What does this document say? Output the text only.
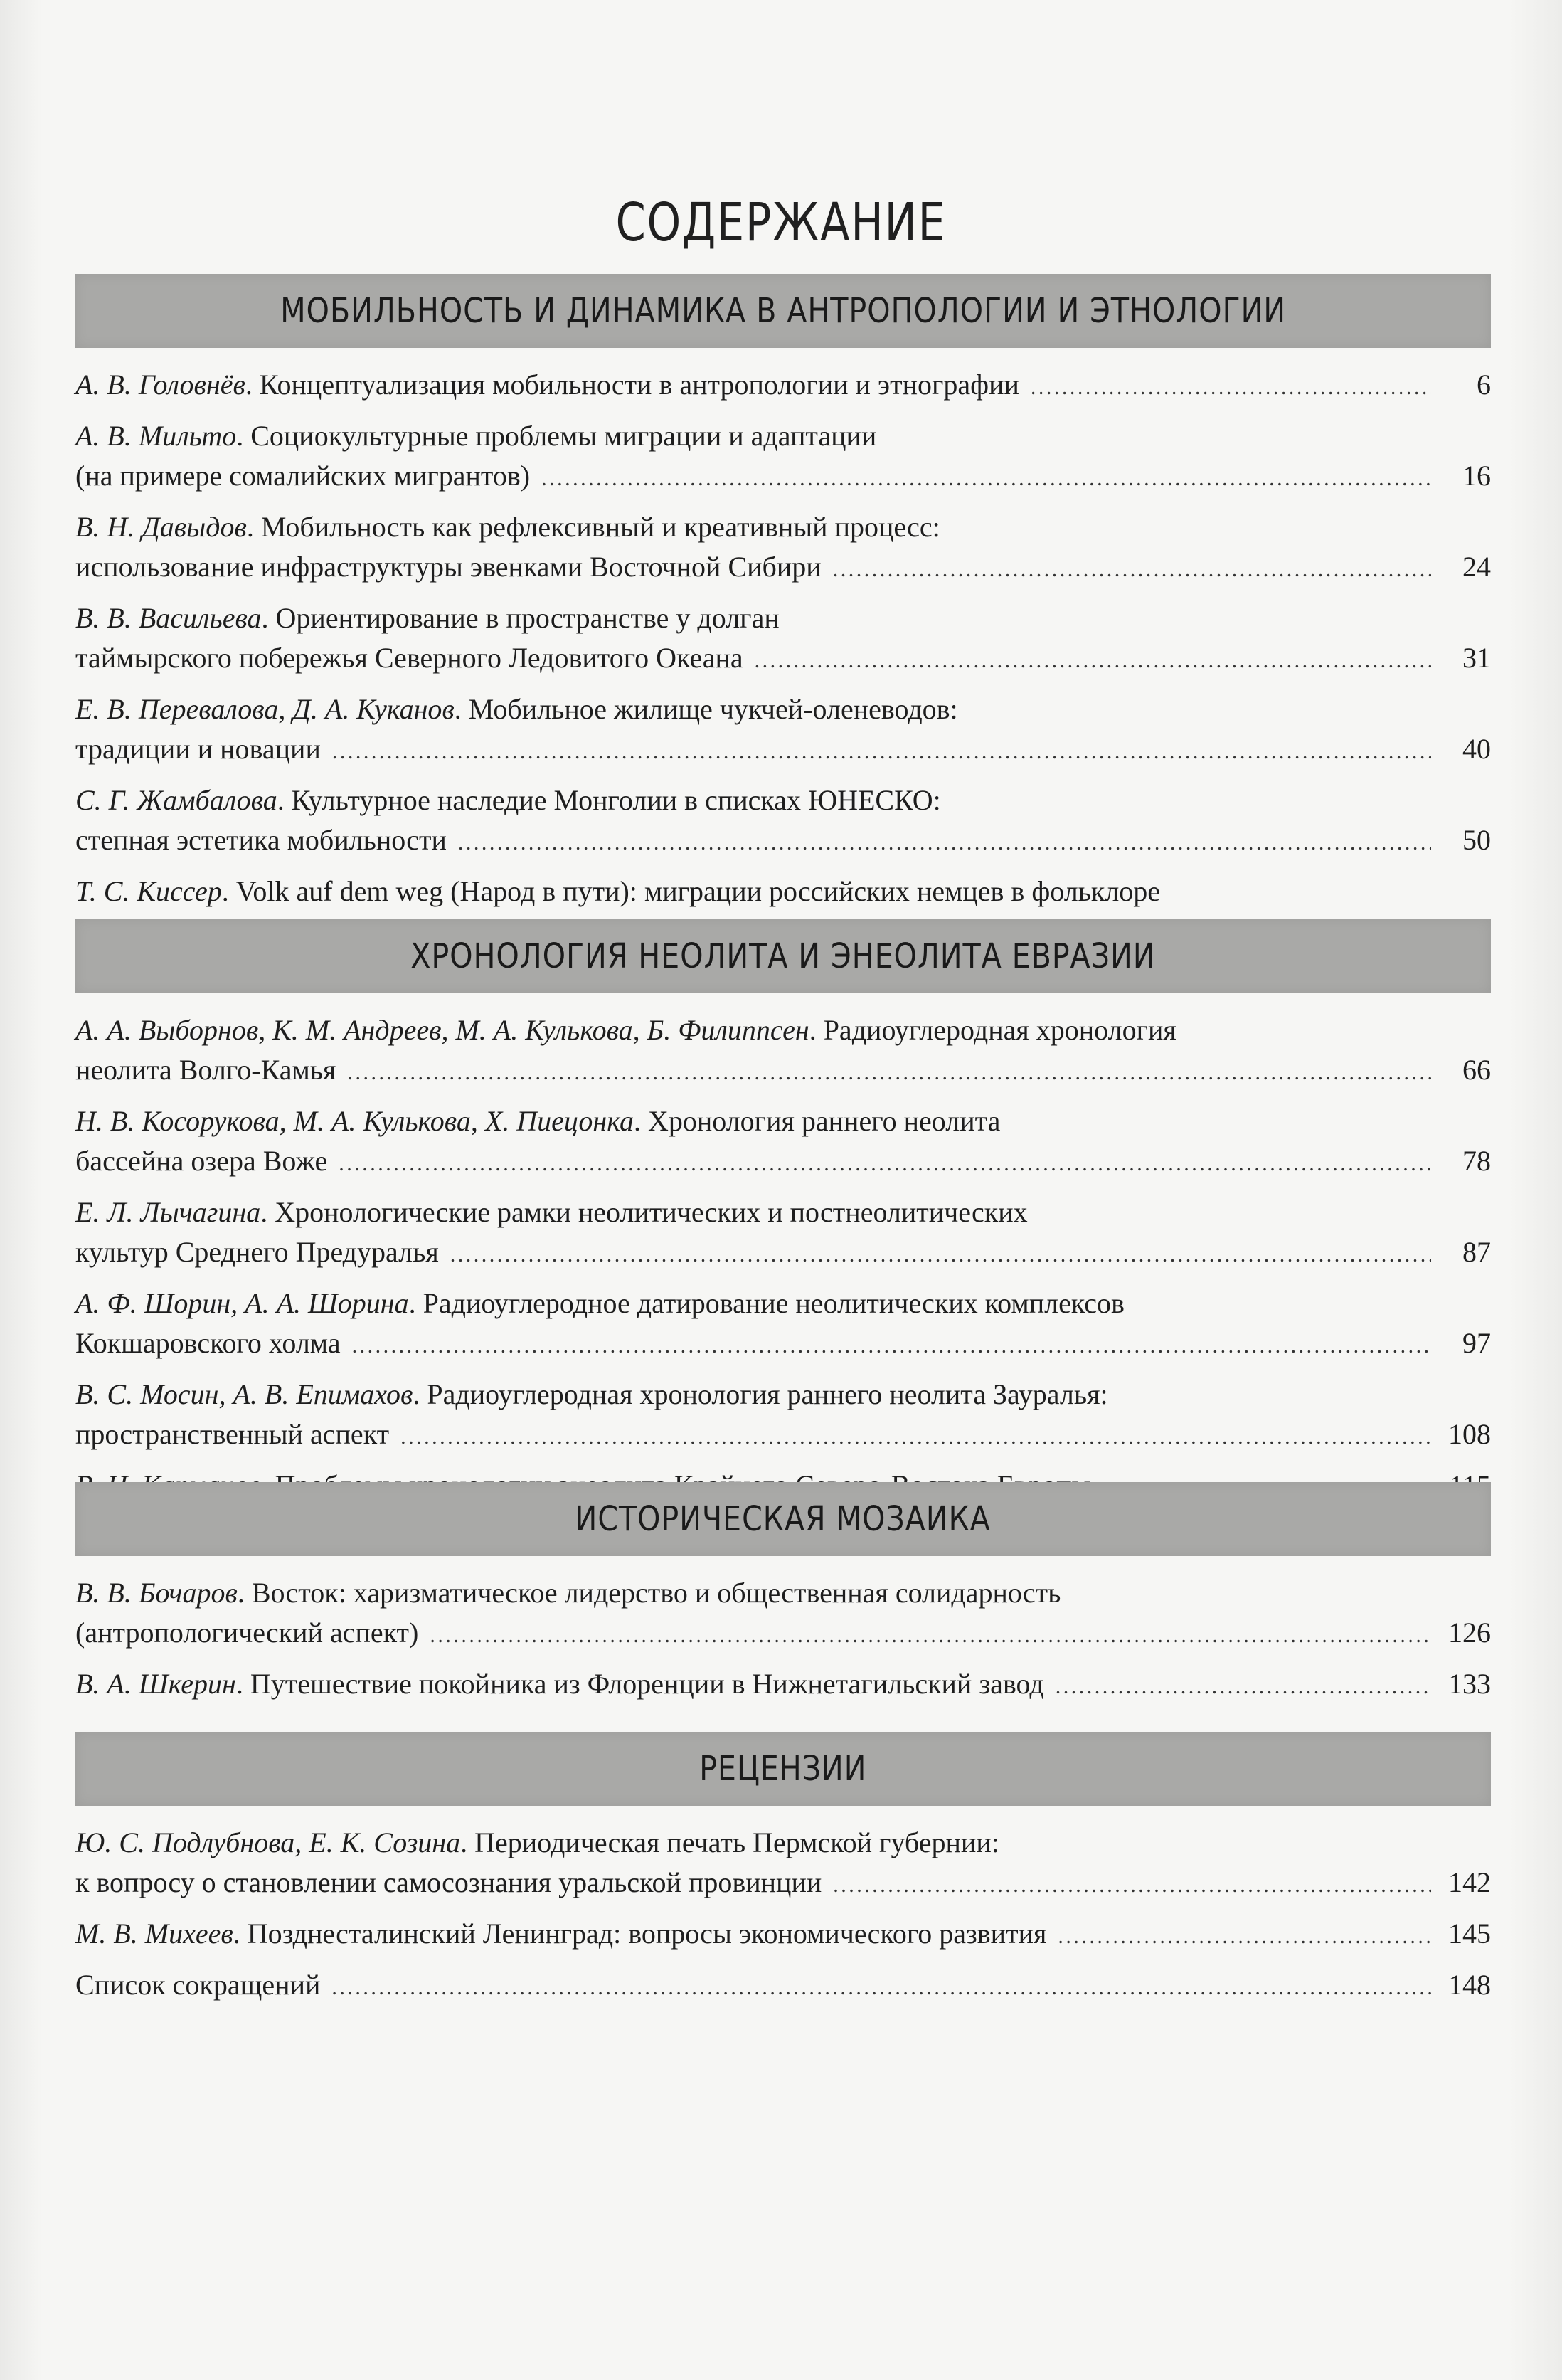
СОДЕРЖАНИЕ
МОБИЛЬНОСТЬ И ДИНАМИКА В АНТРОПОЛОГИИ И ЭТНОЛОГИИ
А. В. Головнёв. Концептуализация мобильности в антропологии и этнографии . . .	6
А. В. Мильто. Социокультурные проблемы миграции и адаптации
(на примере сомалийских мигрантов) . . .	16
В. Н. Давыдов. Мобильность как рефлексивный и креативный процесс:
использование инфраструктуры эвенками Восточной Сибири . . .	24
В. В. Васильева. Ориентирование в пространстве у долган
таймырского побережья Северного Ледовитого Океана . . .	31
Е. В. Перевалова, Д. А. Куканов. Мобильное жилище чукчей-оленеводов:
традиции и новации . . .	40
С. Г. Жамбалова. Культурное наследие Монголии в списках ЮНЕСКО:
степная эстетика мобильности . . .	50
Т. С. Киссер. Volk auf dem weg (Народ в пути): миграции российских немцев в фольклоре
. . .
ХРОНОЛОГИЯ НЕОЛИТА И ЭНЕОЛИТА ЕВРАЗИИ
А. А. Выборнов, К. М. Андреев, М. А. Кулькова, Б. Филиппсен. Радиоуглеродная хронология
неолита Волго-Камья . . .	66
Н. В. Косорукова, М. А. Кулькова, Х. Пиецонка. Хронология раннего неолита
бассейна озера Воже . . .	78
Е. Л. Лычагина. Хронологические рамки неолитических и постнеолитических
культур Среднего Предуралья . . .	87
А. Ф. Шорин, А. А. Шорина. Радиоуглеродное датирование неолитических комплексов
Кокшаровского холма . . .	97
В. С. Мосин, А. В. Епимахов. Радиоуглеродная хронология раннего неолита Зауралья:
пространственный аспект . . .	108
. . .
ИСТОРИЧЕСКАЯ МОЗАИКА
В. В. Бочаров. Восток: харизматическое лидерство и общественная солидарность
(антропологический аспект) . . .	126
В. А. Шкерин. Путешествие покойника из Флоренции в Нижнетагильский завод . . .	133
РЕЦЕНЗИИ
Ю. С. Подлубнова, Е. К. Созина. Периодическая печать Пермской губернии:
к вопросу о становлении самосознания уральской провинции . . .	142
М. В. Михеев. Позднесталинский Ленинград: вопросы экономического развития . . .	145
Список сокращений . . .	148
